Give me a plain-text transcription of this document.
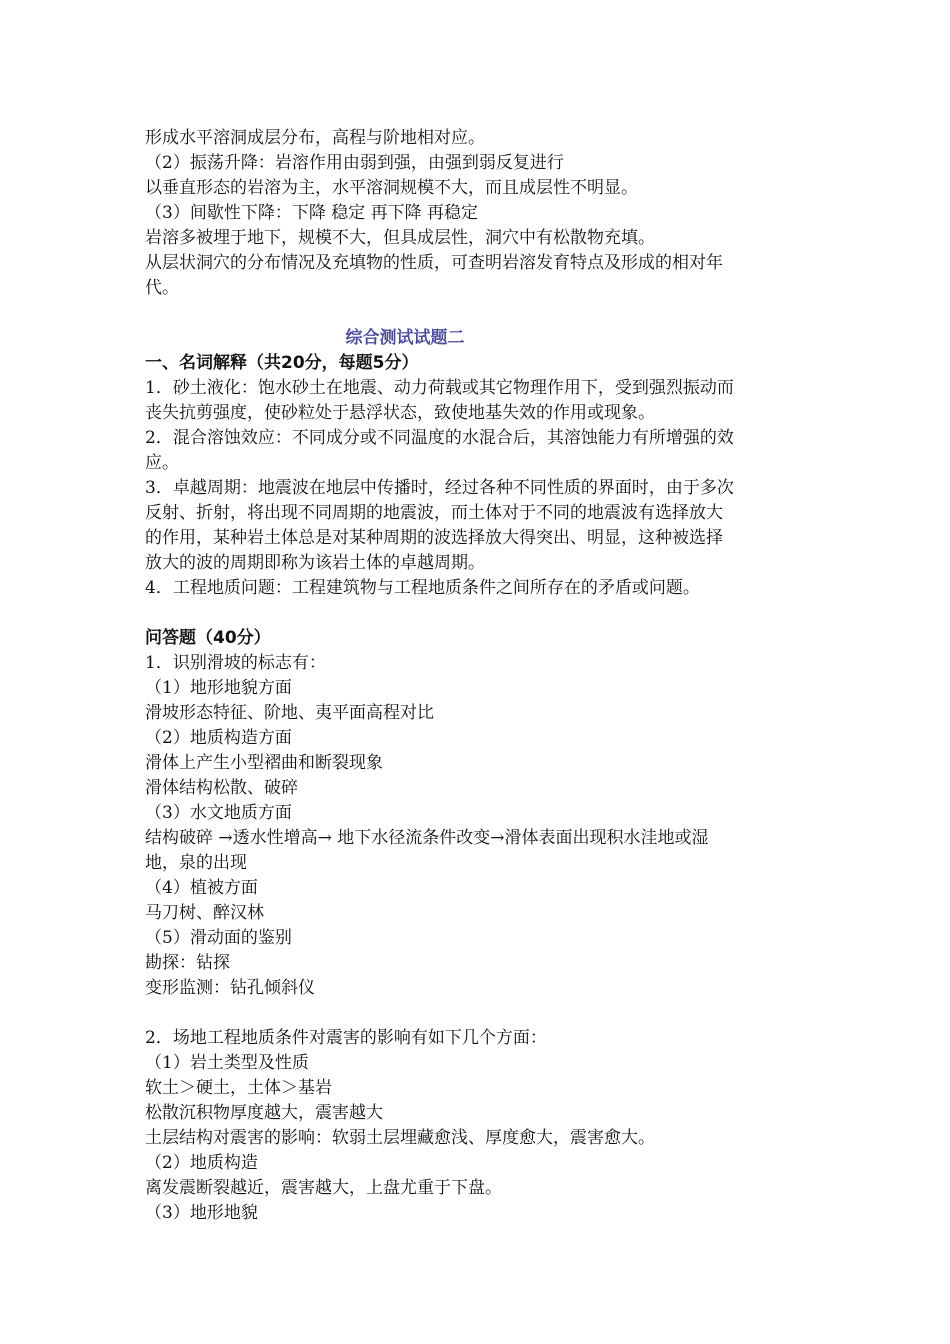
形成水平溶洞成层分布，高程与阶地相对应。
（2）振荡升降：岩溶作用由弱到强，由强到弱反复进行
以垂直形态的岩溶为主，水平溶洞规模不大，而且成层性不明显。
（3）间歇性下降：下降 稳定 再下降 再稳定
岩溶多被埋于地下，规模不大，但具成层性，洞穴中有松散物充填。
从层状洞穴的分布情况及充填物的性质，可查明岩溶发育特点及形成的相对年
代。
综合测试试题二
一、名词解释（共20分，每题5分）
1．砂土液化：饱水砂土在地震、动力荷载或其它物理作用下，受到强烈振动而
丧失抗剪强度，使砂粒处于悬浮状态，致使地基失效的作用或现象。
2．混合溶蚀效应：不同成分或不同温度的水混合后，其溶蚀能力有所增强的效
应。
3．卓越周期：地震波在地层中传播时，经过各种不同性质的界面时，由于多次
反射、折射，将出现不同周期的地震波，而土体对于不同的地震波有选择放大
的作用，某种岩土体总是对某种周期的波选择放大得突出、明显，这种被选择
放大的波的周期即称为该岩土体的卓越周期。
4．工程地质问题：工程建筑物与工程地质条件之间所存在的矛盾或问题。
问答题（40分）
1．识别滑坡的标志有：
（1）地形地貌方面
滑坡形态特征、阶地、夷平面高程对比
（2）地质构造方面
滑体上产生小型褶曲和断裂现象
滑体结构松散、破碎
（3）水文地质方面
结构破碎 →透水性增高→ 地下水径流条件改变→滑体表面出现积水洼地或湿
地，泉的出现
（4）植被方面
马刀树、醉汉林
（5）滑动面的鉴别
勘探：钻探
变形监测：钻孔倾斜仪
2．场地工程地质条件对震害的影响有如下几个方面：
（1）岩土类型及性质
软土＞硬土，土体＞基岩
松散沉积物厚度越大，震害越大
土层结构对震害的影响：软弱土层埋藏愈浅、厚度愈大，震害愈大。
（2）地质构造
离发震断裂越近，震害越大，上盘尤重于下盘。
（3）地形地貌
